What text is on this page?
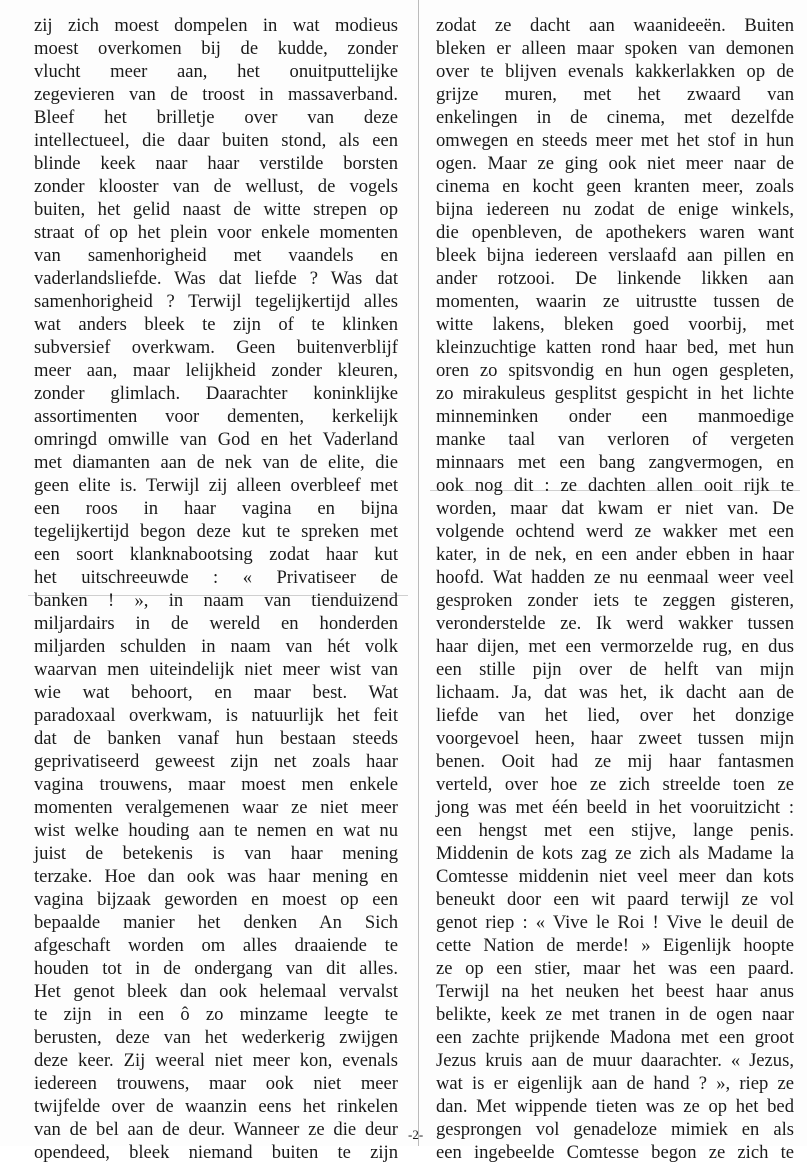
zij zich moest dompelen in wat modieus
moest overkomen bij de kudde, zonder
vlucht meer aan, het onuitputtelijke
zegevieren van de troost in massaverband.
Bleef het brilletje over van deze
intellectueel, die daar buiten stond, als een
blinde keek naar haar verstilde borsten
zonder klooster van de wellust, de vogels
buiten, het gelid naast de witte strepen op
straat of op het plein voor enkele momenten
van samenhorigheid met vaandels en
vaderlandsliefde. Was dat liefde ? Was dat
samenhorigheid ? Terwijl tegelijkertijd alles
wat anders bleek te zijn of te klinken
subversief overkwam. Geen buitenverblijf
meer aan, maar lelijkheid zonder kleuren,
zonder glimlach. Daarachter koninklijke
assortimenten voor dementen, kerkelijk
omringd omwille van God en het Vaderland
met diamanten aan de nek van de elite, die
geen elite is. Terwijl zij alleen overbleef met
een roos in haar vagina en bijna
tegelijkertijd begon deze kut te spreken met
een soort klanknabootsing zodat haar kut
het uitschreeuwde : « Privatiseer de
banken ! », in naam van tienduizend
miljardairs in de wereld en honderden
miljarden schulden in naam van hét volk
waarvan men uiteindelijk niet meer wist van
wie wat behoort, en maar best. Wat
paradoxaal overkwam, is natuurlijk het feit
dat de banken vanaf hun bestaan steeds
geprivatiseerd geweest zijn net zoals haar
vagina trouwens, maar moest men enkele
momenten veralgemenen waar ze niet meer
wist welke houding aan te nemen en wat nu
juist de betekenis is van haar mening
terzake. Hoe dan ook was haar mening en
vagina bijzaak geworden en moest op een
bepaalde manier het denken An Sich
afgeschaft worden om alles draaiende te
houden tot in de ondergang van dit alles.
Het genot bleek dan ook helemaal vervalst
te zijn in een ô zo minzame leegte te
berusten, deze van het wederkerig zwijgen
deze keer. Zij weeral niet meer kon, evenals
iedereen trouwens, maar ook niet meer
twijfelde over de waanzin eens het rinkelen
van de bel aan de deur. Wanneer ze die deur
opendeed, bleek niemand buiten te zijn
zodat ze dacht aan waanideeën. Buiten
bleken er alleen maar spoken van demonen
over te blijven evenals kakkerlakken op de
grijze muren, met het zwaard van
enkelingen in de cinema, met dezelfde
omwegen en steeds meer met het stof in hun
ogen. Maar ze ging ook niet meer naar de
cinema en kocht geen kranten meer, zoals
bijna iedereen nu zodat de enige winkels,
die openbleven, de apothekers waren want
bleek bijna iedereen verslaafd aan pillen en
ander rotzooi. De linkende likken aan
momenten, waarin ze uitrustte tussen de
witte lakens, bleken goed voorbij, met
kleinzuchtige katten rond haar bed, met hun
oren zo spitsvondig en hun ogen gespleten,
zo mirakuleus gesplitst gespicht in het lichte
minneminken onder een manmoedige
manke taal van verloren of vergeten
minnaars met een bang zangvermogen, en
ook nog dit : ze dachten allen ooit rijk te
worden, maar dat kwam er niet van. De
volgende ochtend werd ze wakker met een
kater, in de nek, en een ander ebben in haar
hoofd. Wat hadden ze nu eenmaal weer veel
gesproken zonder iets te zeggen gisteren,
veronderstelde ze. Ik werd wakker tussen
haar dijen, met een vermorzelde rug, en dus
een stille pijn over de helft van mijn
lichaam. Ja, dat was het, ik dacht aan de
liefde van het lied, over het donzige
voorgevoel heen, haar zweet tussen mijn
benen. Ooit had ze mij haar fantasmen
verteld, over hoe ze zich streelde toen ze
jong was met één beeld in het vooruitzicht :
een hengst met een stijve, lange penis.
Middenin de kots zag ze zich als Madame la
Comtesse middenin niet veel meer dan kots
beneukt door een wit paard terwijl ze vol
genot riep : « Vive le Roi ! Vive le deuil de
cette Nation de merde! » Eigenlijk hoopte
ze op een stier, maar het was een paard.
Terwijl na het neuken het beest haar anus
belikte, keek ze met tranen in de ogen naar
een zachte prijkende Madona met een groot
Jezus kruis aan de muur daarachter. « Jezus,
wat is er eigenlijk aan de hand ? », riep ze
dan. Met wippende tieten was ze op het bed
gesprongen vol genadeloze mimiek en als
een ingebeelde Comtesse begon ze zich te
-2-
